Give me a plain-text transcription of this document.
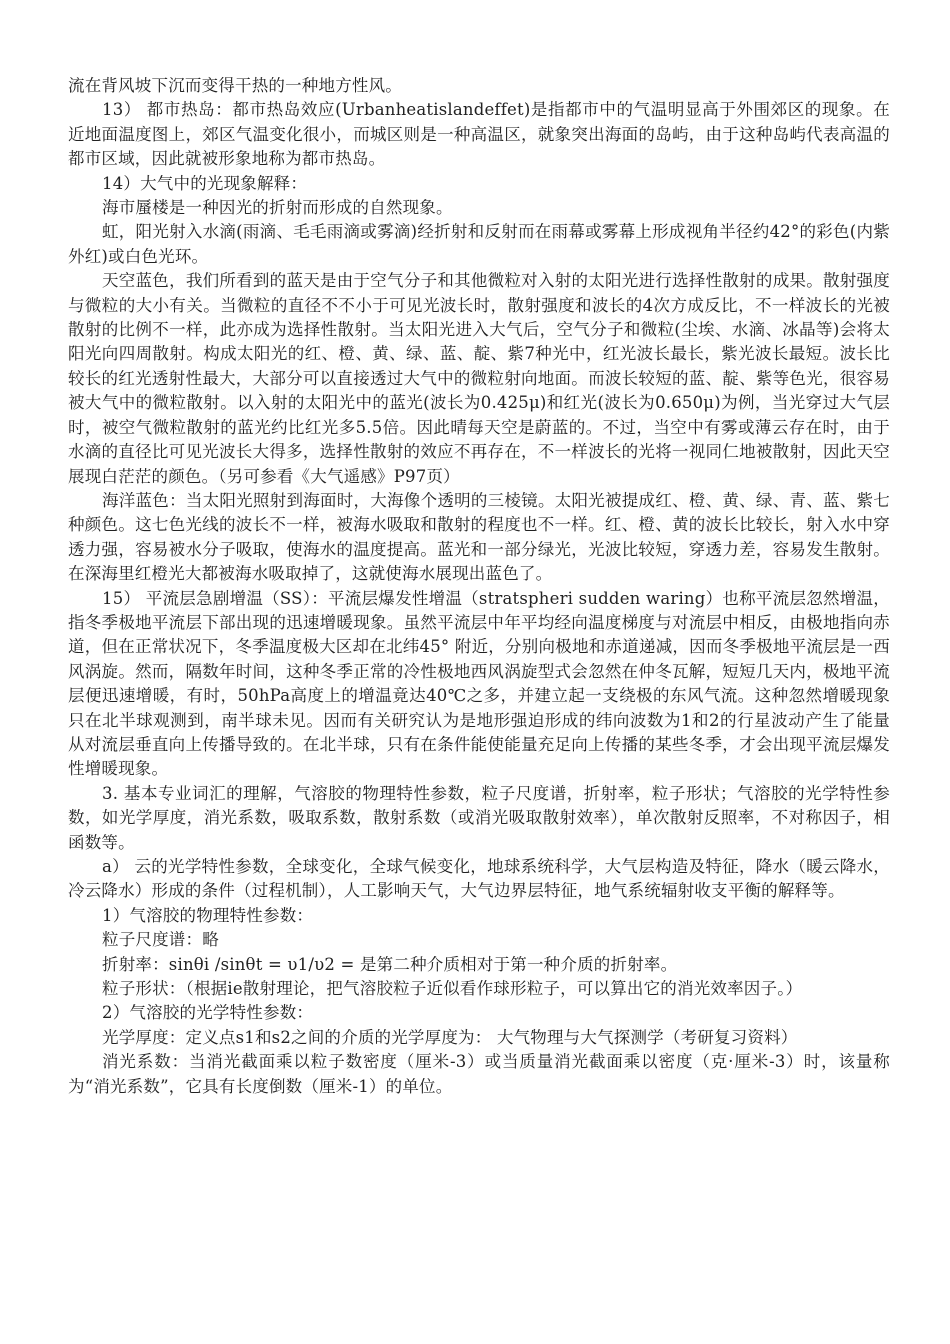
流在背风坡下沉而变得干热的一种地方性风。

13） 都市热岛：都市热岛效应(Urbanheatislandeffet)是指都市中的气温明显高于外围郊区的现象。在近地面温度图上，郊区气温变化很小，而城区则是一种高温区，就象突出海面的岛屿，由于这种岛屿代表高温的都市区域，因此就被形象地称为都市热岛。

14）大气中的光现象解释：

海市蜃楼是一种因光的折射而形成的自然现象。

虹，阳光射入水滴(雨滴、毛毛雨滴或雾滴)经折射和反射而在雨幕或雾幕上形成视角半径约42°的彩色(内紫外红)或白色光环。

天空蓝色，我们所看到的蓝天是由于空气分子和其他微粒对入射的太阳光进行选择性散射的成果。散射强度与微粒的大小有关。当微粒的直径不不小于可见光波长时，散射强度和波长的4次方成反比，不一样波长的光被散射的比例不一样，此亦成为选择性散射。当太阳光进入大气后，空气分子和微粒(尘埃、水滴、冰晶等)会将太阳光向四周散射。构成太阳光的红、橙、黄、绿、蓝、靛、紫7种光中，红光波长最长，紫光波长最短。波长比较长的红光透射性最大，大部分可以直接透过大气中的微粒射向地面。而波长较短的蓝、靛、紫等色光，很容易被大气中的微粒散射。以入射的太阳光中的蓝光(波长为0.425μ)和红光(波长为0.650μ)为例，当光穿过大气层时，被空气微粒散射的蓝光约比红光多5.5倍。因此晴每天空是蔚蓝的。不过，当空中有雾或薄云存在时，由于水滴的直径比可见光波长大得多，选择性散射的效应不再存在，不一样波长的光将一视同仁地被散射，因此天空展现白茫茫的颜色。（另可参看《大气遥感》P97页）

海洋蓝色：当太阳光照射到海面时，大海像个透明的三棱镜。太阳光被提成红、橙、黄、绿、青、蓝、紫七种颜色。这七色光线的波长不一样，被海水吸取和散射的程度也不一样。红、橙、黄的波长比较长，射入水中穿透力强，容易被水分子吸取，使海水的温度提高。蓝光和一部分绿光，光波比较短，穿透力差，容易发生散射。在深海里红橙光大都被海水吸取掉了，这就使海水展现出蓝色了。

15） 平流层急剧增温（SS）：平流层爆发性增温（stratspheri sudden waring）也称平流层忽然增温，指冬季极地平流层下部出现的迅速增暖现象。虽然平流层中年平均经向温度梯度与对流层中相反，由极地指向赤道，但在正常状况下，冬季温度极大区却在北纬45° 附近，分别向极地和赤道递减，因而冬季极地平流层是一西风涡旋。然而，隔数年时间，这种冬季正常的冷性极地西风涡旋型式会忽然在仲冬瓦解，短短几天内，极地平流层便迅速增暖，有时，50hPa高度上的增温竟达40℃之多，并建立起一支绕极的东风气流。这种忽然增暖现象只在北半球观测到，南半球未见。因而有关研究认为是地形强迫形成的纬向波数为1和2的行星波动产生了能量从对流层垂直向上传播导致的。在北半球，只有在条件能使能量充足向上传播的某些冬季，才会出现平流层爆发性增暖现象。

3. 基本专业词汇的理解，气溶胶的物理特性参数，粒子尺度谱，折射率，粒子形状；气溶胶的光学特性参数，如光学厚度，消光系数，吸取系数，散射系数（或消光吸取散射效率），单次散射反照率，不对称因子，相函数等。

a） 云的光学特性参数，全球变化，全球气候变化，地球系统科学，大气层构造及特征，降水（暖云降水，冷云降水）形成的条件（过程机制），人工影响天气，大气边界层特征，地气系统辐射收支平衡的解释等。

1）气溶胶的物理特性参数：

粒子尺度谱：略

折射率：sinθi /sinθt = υ1/υ2 = 是第二种介质相对于第一种介质的折射率。

粒子形状：（根据ie散射理论，把气溶胶粒子近似看作球形粒子，可以算出它的消光效率因子。）

2）气溶胶的光学特性参数：

光学厚度：定义点s1和s2之间的介质的光学厚度为： 大气物理与大气探测学（考研复习资料）

消光系数：当消光截面乘以粒子数密度（厘米-3）或当质量消光截面乘以密度（克·厘米-3）时，该量称为“消光系数”，它具有长度倒数（厘米-1）的单位。
